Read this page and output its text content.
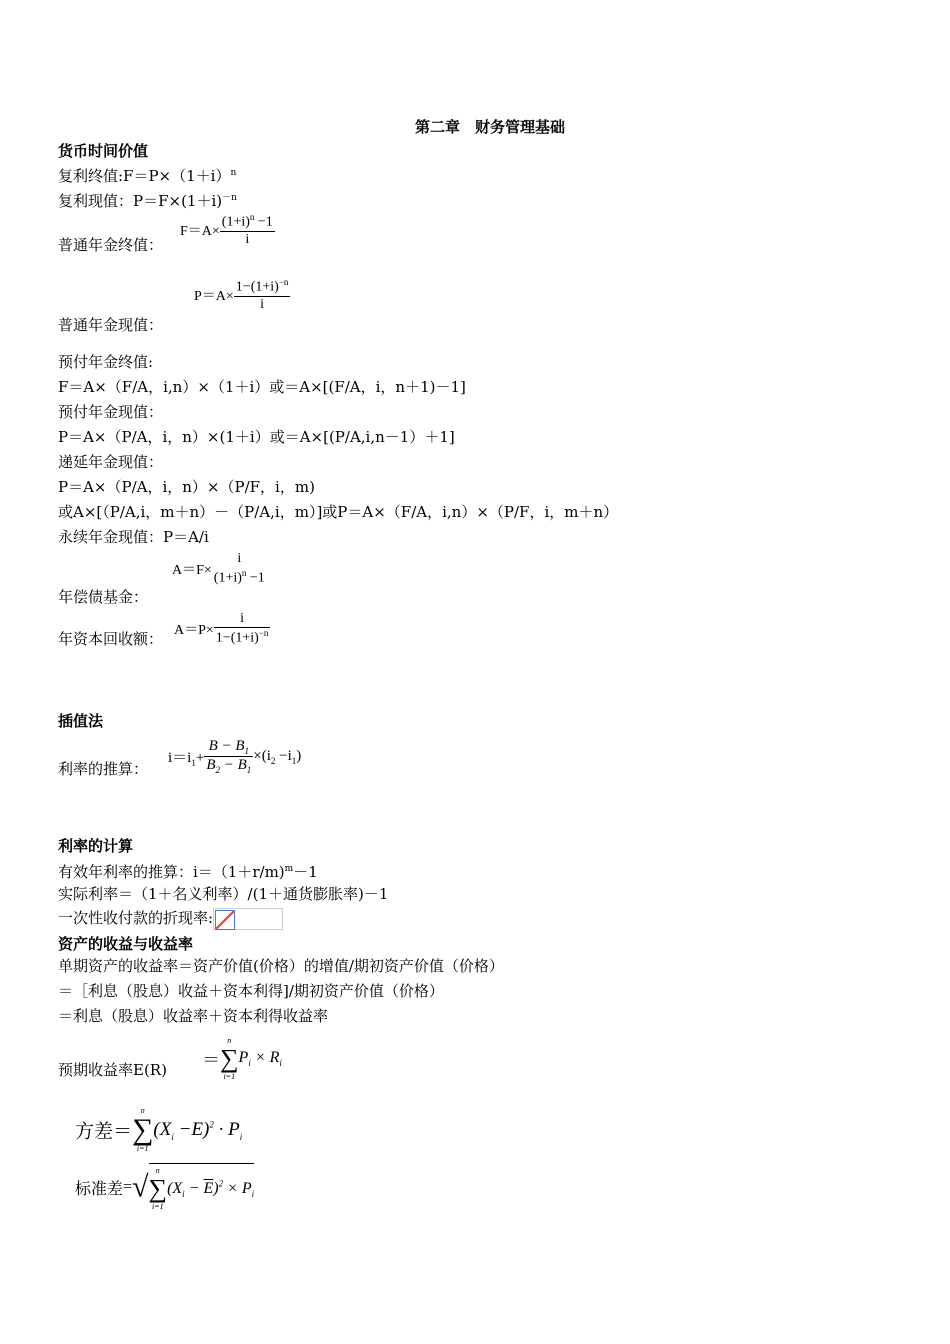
第二章　财务管理基础
货币时间价值
复利终值$:F=P\times(1+i)^n$
复利现值：$P=F\times(1+i)^{-n}$
普通年金终值：
$F=A\times \frac{(1+i)^n -1}{i}$
$P=A\times \frac{1-(1+i)^{-n}}{i}$
普通年金现值：
预付年金终值:
F＝A×（F/A，i,n）×（1＋i）或＝A×[(F/A，i，n＋1)－1]
预付年金现值：
P＝A×（P/A，i，n）×(1＋i）或＝A×[(P/A,i,n－1）＋1]
递延年金现值：
P＝A×（P/A，i，n）×（P/F，i，m)
或A×[（P/A,i，m＋n）－（P/A,i，m）]或P＝A×（F/A，i,n）×（P/F，i，m＋n）
永续年金现值：P＝A/i
A＝F×
i
$(1+i)^n -1$
年偿债基金：
年资本回收额： $A=P\times \frac{i}{1-(1+i)^{-n}}$
插值法
利率的推算：
$i=i_1+ \frac{B - B_1}{B_2 - B_1} \times(i_2 -i_1)$
利率的计算
有效年利率的推算：i＝（1＋r/m)$^m$－1
实际利率＝（1＋名义利率）/(1＋通货膨胀率)－1
一次性收付款的折现率:
资产的收益与收益率
单期资产的收益率＝资产价值(价格）的增值/期初资产价值（价格）
＝［利息（股息）收益＋资本利得]/期初资产价值（价格）
＝利息（股息）收益率＋资本利得收益率
预期收益率E(R) ＝
n
∑
i=1
$P_i \times R_i$
方差＝
n
∑
i=1
$(X_i -E)^2 \cdot P_i$
标准差=√ n
∑
i=1
$(X_i - \overline{E})^2 \times P_i$
